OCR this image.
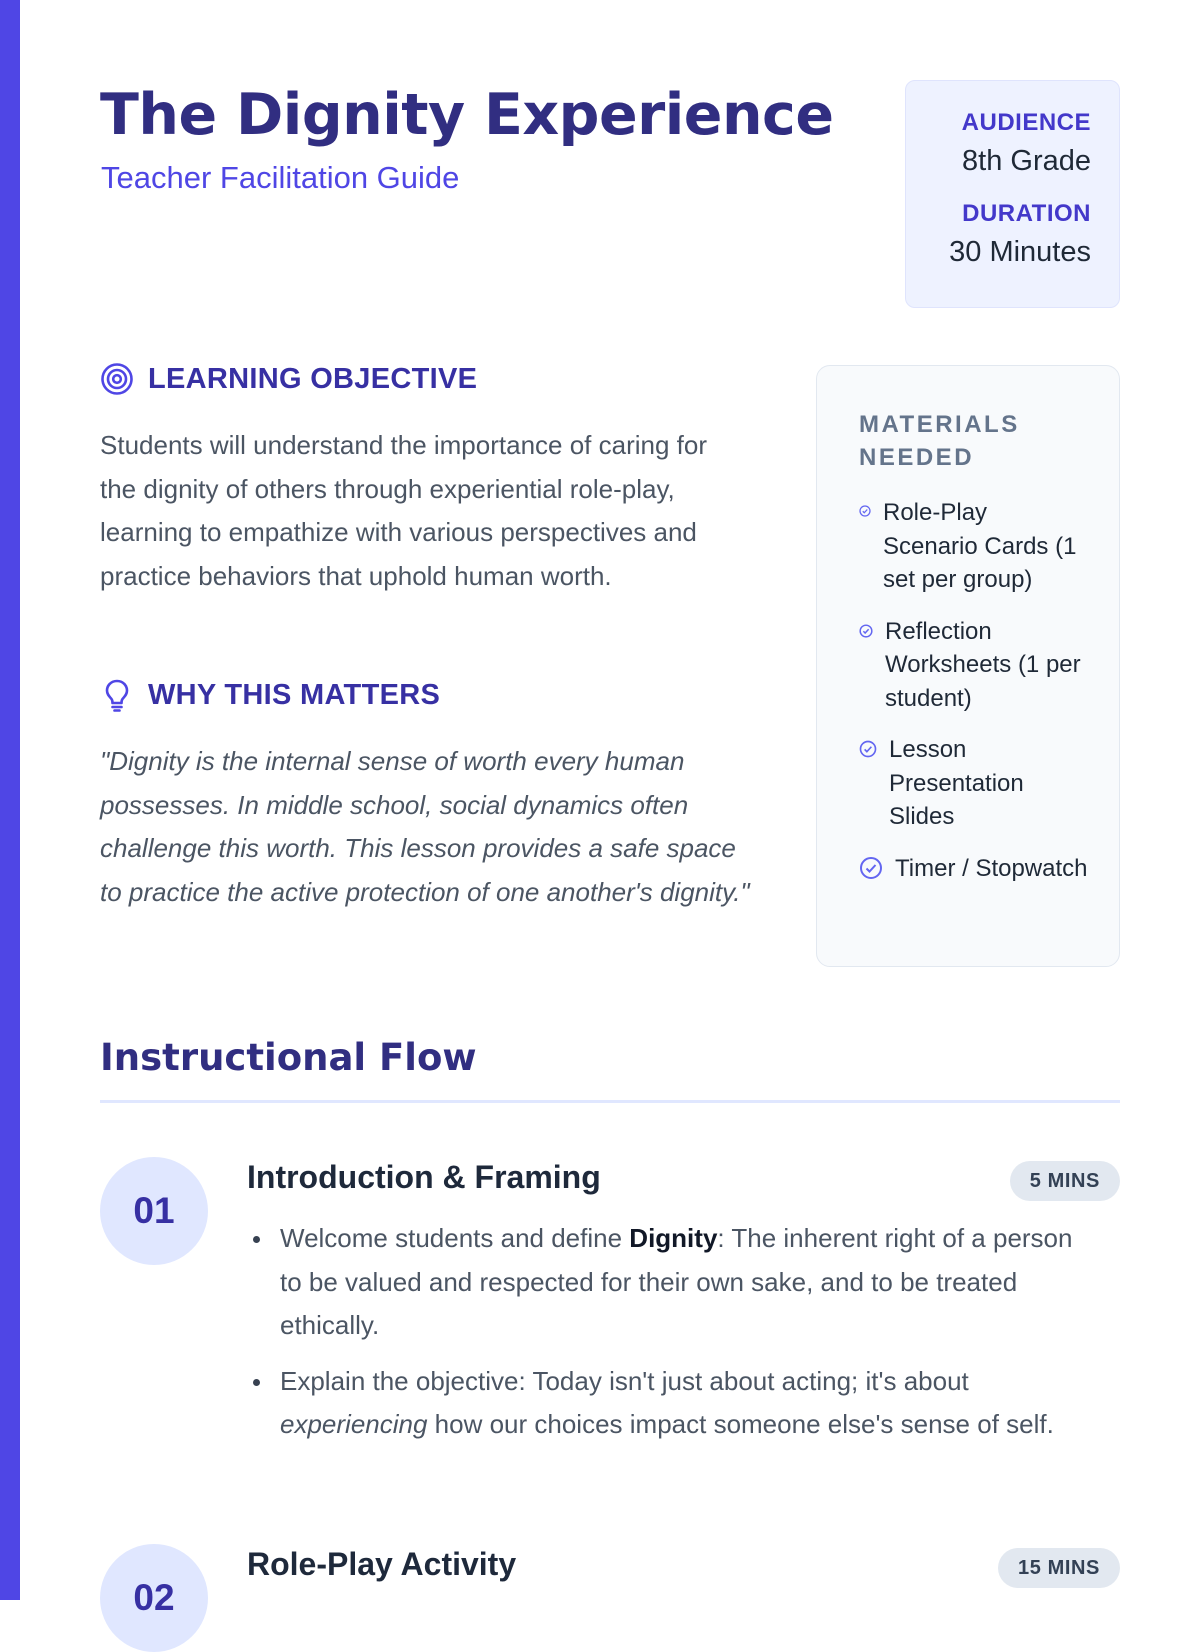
The Dignity Experience
Teacher Facilitation Guide
AUDIENCE
8th Grade
DURATION
30 Minutes
LEARNING OBJECTIVE

Students will understand the importance of caring for the dignity of others through experiential role-play, learning to empathize with various perspectives and practice behaviors that uphold human worth.

WHY THIS MATTERS

"Dignity is the internal sense of worth every human possesses. In middle school, social dynamics often challenge this worth. This lesson provides a safe space to practice the active protection of one another's dignity."

MATERIALS NEEDED
Role-Play Scenario Cards (1 set per group)
Reflection Worksheets (1 per student)
Lesson Presentation Slides
Timer / Stopwatch
Instructional Flow
01
Introduction & Framing	5 MINS
Welcome students and define Dignity: The inherent right of a person to be valued and respected for their own sake, and to be treated ethically.
Explain the objective: Today isn't just about acting; it's about experiencing how our choices impact someone else's sense of self.
02
Role-Play Activity	15 MINS
